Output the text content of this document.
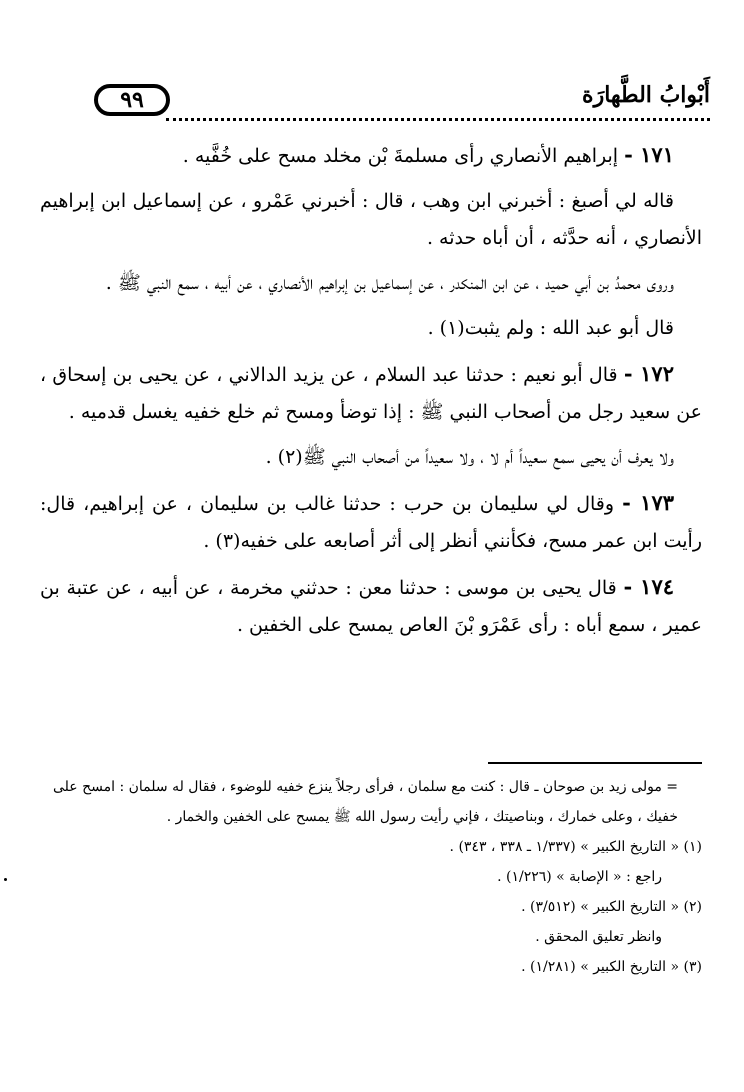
٩٩	أَبْوابُ الطَّهارَة

١٧١ - إبراهيم الأنصاري رأى مسلمةَ بْن مخلد مسح على خُفَّيه .

قاله لي أصبغ : أخبرني ابن وهب ، قال : أخبرني عَمْرو ، عن إسماعيل ابن إبراهيم الأنصاري ، أنه حدَّثه ، أن أباه حدثه .

وروى محمدُ بن أبي حميد ، عن ابن المنكدر ، عن إسماعيل بن إبراهيم الأنصاري ، عن أبيه ، سمع النبي ﷺ .

قال أبو عبد الله : ولم يثبت(١) .

١٧٢ - قال أبو نعيم : حدثنا عبد السلام ، عن يزيد الدالاني ، عن يحيى بن إسحاق ، عن سعيد رجل من أصحاب النبي ﷺ : إذا توضأ ومسح ثم خلع خفيه يغسل قدميه .

ولا يعرف أن يحيى سمع سعيداً أم لا ، ولا سعيداً من أصحاب النبي ﷺ(٢) .

١٧٣ - وقال لي سليمان بن حرب : حدثنا غالب بن سليمان ، عن إبراهيم، قال: رأيت ابن عمر مسح، فكأنني أنظر إلى أثر أصابعه على خفيه(٣) .

١٧٤ - قال يحيى بن موسى : حدثنا معن : حدثني مخرمة ، عن أبيه ، عن عتبة بن عمير ، سمع أباه : رأى عَمْرَو بْنَ العاص يمسح على الخفين .

= مولى زيد بن صوحان ـ قال : كنت مع سلمان ، فرأى رجلاً ينزع خفيه للوضوء ، فقال له سلمان : امسح على خفيك ، وعلى خمارك ، وبناصيتك ، فإني رأيت رسول الله ﷺ يمسح على الخفين والخمار .

(١) « التاريخ الكبير » (١/٣٣٧ ـ ٣٣٨ ، ٣٤٣) .

راجع : « الإصابة » (١/٢٢٦) .

(٢) « التاريخ الكبير » (٣/٥١٢) .

وانظر تعليق المحقق .

(٣) « التاريخ الكبير » (١/٢٨١) .
